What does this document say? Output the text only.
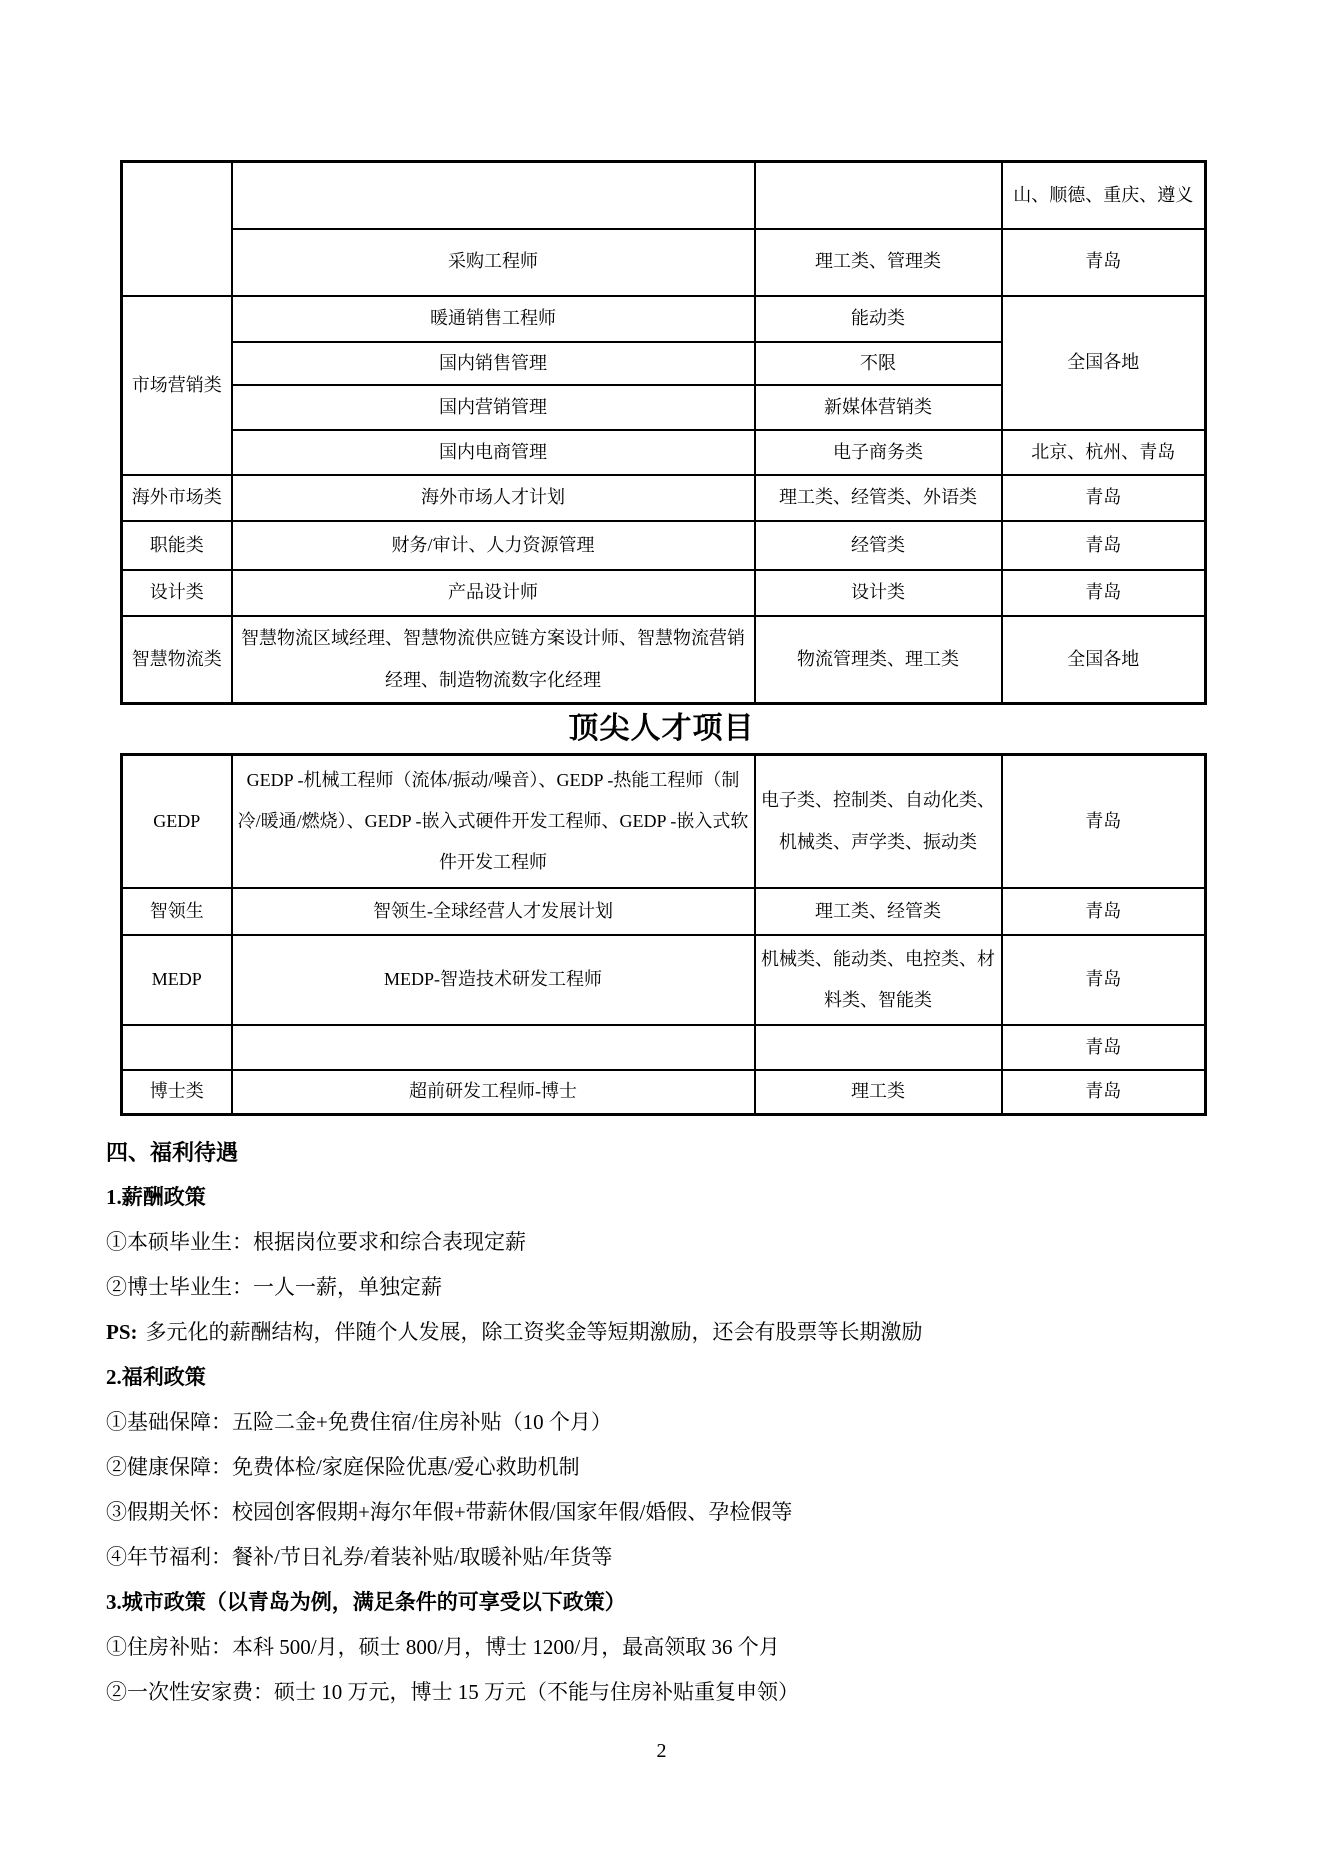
			山、顺德、重庆、遵义
	采购工程师	理工类、管理类	青岛
市场营销类	暖通销售工程师	能动类	全国各地
	国内销售管理	不限	
	国内营销管理	新媒体营销类	
	国内电商管理	电子商务类	北京、杭州、青岛
海外市场类	海外市场人才计划	理工类、经管类、外语类	青岛
职能类	财务/审计、人力资源管理	经管类	青岛
设计类	产品设计师	设计类	青岛
智慧物流类	智慧物流区域经理、智慧物流供应链方案设计师、智慧物流营销经理、制造物流数字化经理	物流管理类、理工类	全国各地
顶尖人才项目
GEDP	GEDP -机械工程师（流体/振动/噪音）、GEDP -热能工程师（制冷/暖通/燃烧）、GEDP -嵌入式硬件开发工程师、GEDP -嵌入式软件开发工程师	电子类、控制类、自动化类、机械类、声学类、振动类	青岛
智领生	智领生-全球经营人才发展计划	理工类、经管类	青岛
MEDP	MEDP-智造技术研发工程师	机械类、能动类、电控类、材料类、智能类	青岛
			青岛
博士类	超前研发工程师-博士	理工类	青岛
四、福利待遇
1.薪酬政策
①本硕毕业生：根据岗位要求和综合表现定薪
②博士毕业生：一人一薪，单独定薪
PS: 多元化的薪酬结构，伴随个人发展，除工资奖金等短期激励，还会有股票等长期激励
2.福利政策
①基础保障：五险二金+免费住宿/住房补贴（10 个月）
②健康保障：免费体检/家庭保险优惠/爱心救助机制
③假期关怀：校园创客假期+海尔年假+带薪休假/国家年假/婚假、孕检假等
④年节福利：餐补/节日礼券/着装补贴/取暖补贴/年货等
3.城市政策（以青岛为例，满足条件的可享受以下政策）
①住房补贴：本科 500/月，硕士 800/月，博士 1200/月，最高领取 36 个月
②一次性安家费：硕士 10 万元，博士 15 万元（不能与住房补贴重复申领）
2
